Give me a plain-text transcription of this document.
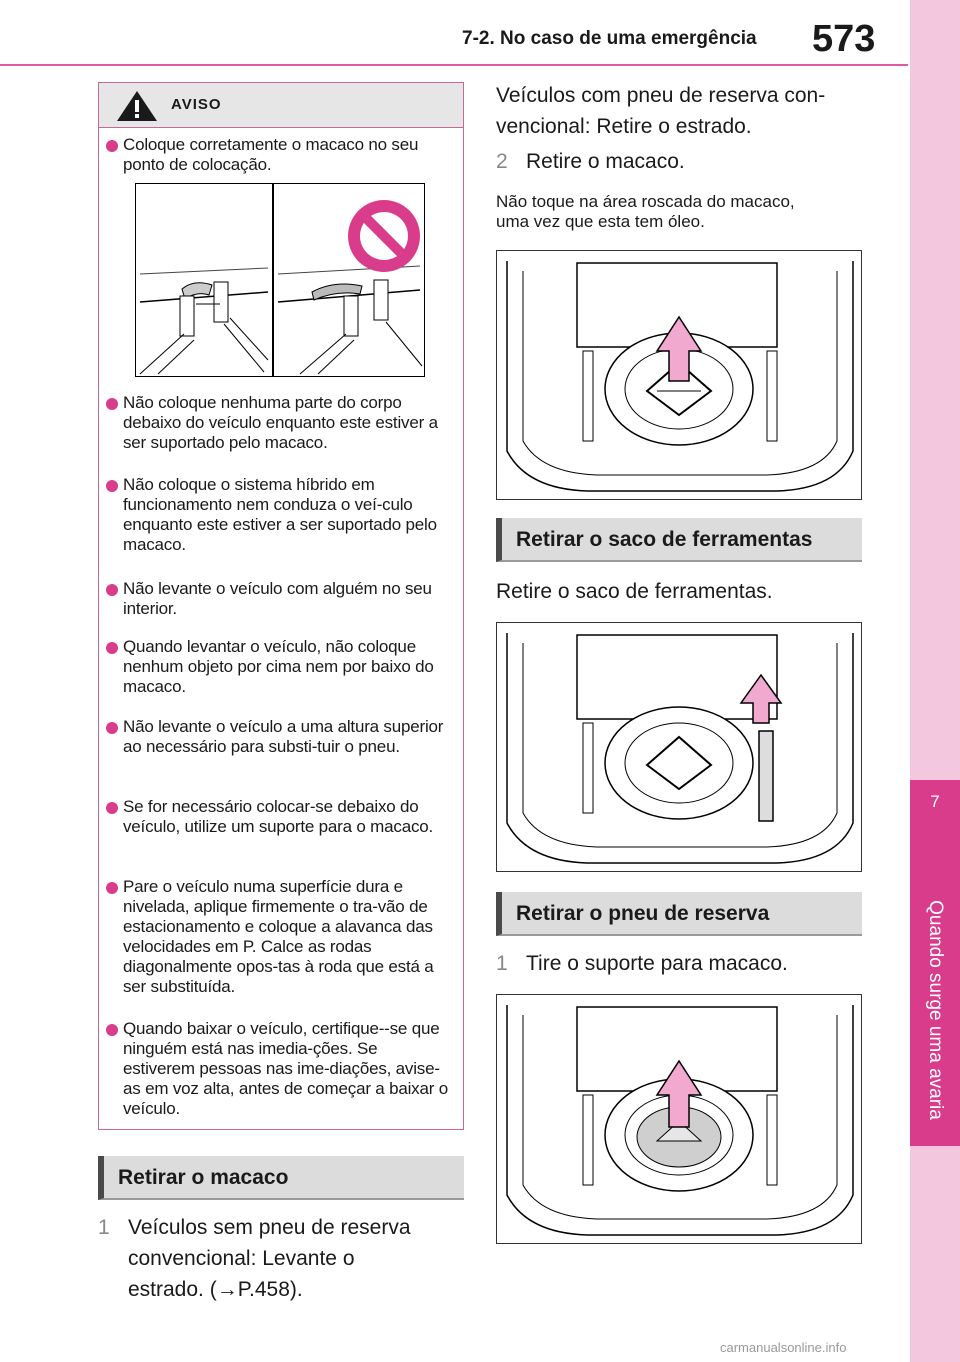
7-2. No caso de uma emergência 573
7
Quando surge uma avaria
AVISO
Coloque corretamente o macaco no seu ponto de colocação.
Não coloque nenhuma parte do corpo debaixo do veículo enquanto este estiver a ser suportado pelo macaco.
Não coloque o sistema híbrido em funcionamento nem conduza o veí-culo enquanto este estiver a ser suportado pelo macaco.
Não levante o veículo com alguém no seu interior.
Quando levantar o veículo, não coloque nenhum objeto por cima nem por baixo do macaco.
Não levante o veículo a uma altura superior ao necessário para substi-tuir o pneu.
Se for necessário colocar-se debaixo do veículo, utilize um suporte para o macaco.
Pare o veículo numa superfície dura e nivelada, aplique firmemente o tra-vão de estacionamento e coloque a alavanca das velocidades em P. Calce as rodas diagonalmente opos-tas à roda que está a ser substituída.
Quando baixar o veículo, certifique--se que ninguém está nas imedia-ções. Se estiverem pessoas nas ime-diações, avise-as em voz alta, antes de começar a baixar o veículo.
Retirar o macaco
1 Veículos sem pneu de reserva
convencional: Levante o
estrado. (→P.458).
Veículos com pneu de reserva con-
vencional: Retire o estrado.
2 Retire o macaco.
Não toque na área roscada do macaco,
uma vez que esta tem óleo.
Retirar o saco de ferramentas
Retire o saco de ferramentas.
Retirar o pneu de reserva
1 Tire o suporte para macaco.
carmanualsonline.info
